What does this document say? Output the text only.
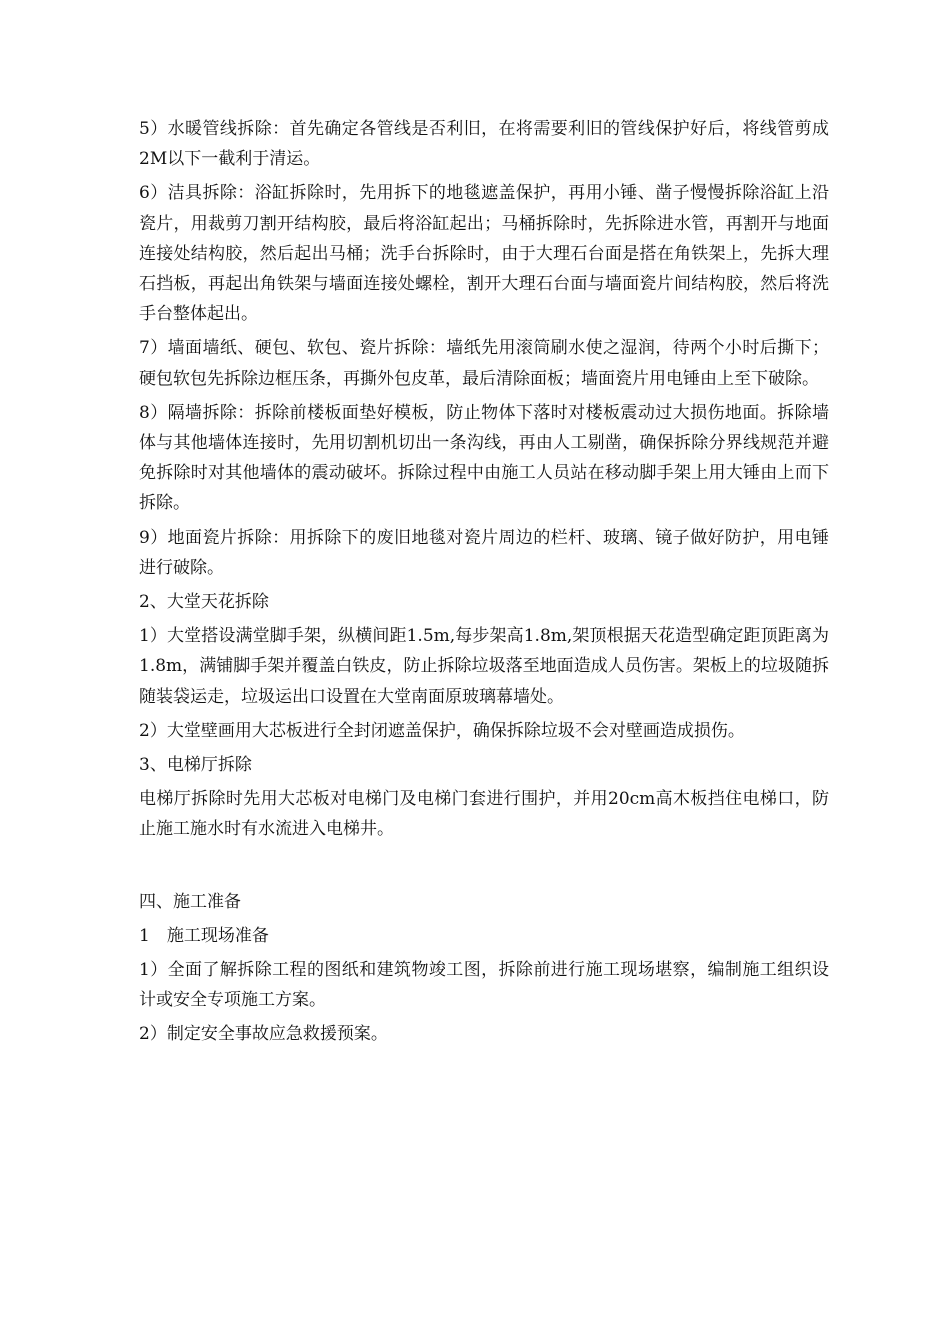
5）水暖管线拆除：首先确定各管线是否利旧，在将需要利旧的管线保护好后，将线管剪成2M以下一截利于清运。

6）洁具拆除：浴缸拆除时，先用拆下的地毯遮盖保护，再用小锤、凿子慢慢拆除浴缸上沿瓷片，用裁剪刀割开结构胶，最后将浴缸起出；马桶拆除时，先拆除进水管，再割开与地面连接处结构胶，然后起出马桶；洗手台拆除时，由于大理石台面是搭在角铁架上，先拆大理石挡板，再起出角铁架与墙面连接处螺栓，割开大理石台面与墙面瓷片间结构胶，然后将洗手台整体起出。

7）墙面墙纸、硬包、软包、瓷片拆除：墙纸先用滚筒刷水使之湿润，待两个小时后撕下；硬包软包先拆除边框压条，再撕外包皮革，最后清除面板；墙面瓷片用电锤由上至下破除。

8）隔墙拆除：拆除前楼板面垫好模板，防止物体下落时对楼板震动过大损伤地面。拆除墙体与其他墙体连接时，先用切割机切出一条沟线，再由人工剔凿，确保拆除分界线规范并避免拆除时对其他墙体的震动破坏。拆除过程中由施工人员站在移动脚手架上用大锤由上而下拆除。

9）地面瓷片拆除：用拆除下的废旧地毯对瓷片周边的栏杆、玻璃、镜子做好防护，用电锤进行破除。

2、大堂天花拆除

1）大堂搭设满堂脚手架，纵横间距1.5m,每步架高1.8m,架顶根据天花造型确定距顶距离为1.8m，满铺脚手架并覆盖白铁皮，防止拆除垃圾落至地面造成人员伤害。架板上的垃圾随拆随装袋运走，垃圾运出口设置在大堂南面原玻璃幕墙处。

2）大堂壁画用大芯板进行全封闭遮盖保护，确保拆除垃圾不会对壁画造成损伤。

3、电梯厅拆除

电梯厅拆除时先用大芯板对电梯门及电梯门套进行围护，并用20cm高木板挡住电梯口，防止施工施水时有水流进入电梯井。

四、施工准备

1　施工现场准备

1）全面了解拆除工程的图纸和建筑物竣工图，拆除前进行施工现场堪察，编制施工组织设计或安全专项施工方案。

2）制定安全事故应急救援预案。
